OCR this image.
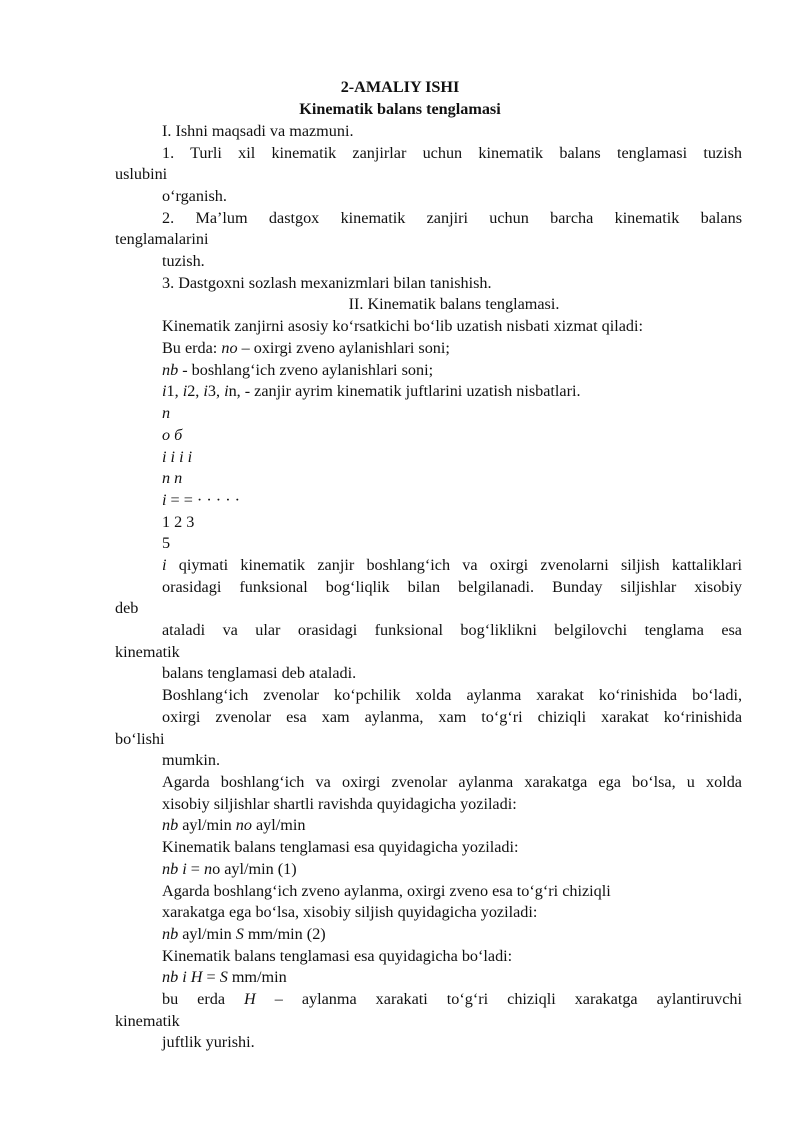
2-AMALIY ISHI
Kinematik balans tenglamasi
I. Ishni maqsadi va mazmuni.
1. Turli xil kinematik zanjirlar uchun kinematik balans tenglamasi tuzish
uslubini
o‘rganish.
2. Ma’lum dastgox kinematik zanjiri uchun barcha kinematik balans
tenglamalarini
tuzish.
3. Dastgoxni sozlash mexanizmlari bilan tanishish.
II. Kinematik balans tenglamasi.
Kinematik zanjirni asosiy ko‘rsatkichi bo‘lib uzatish nisbati xizmat qiladi:
Bu erda: no – oxirgi zveno aylanishlari soni;
nb - boshlang‘ich zveno aylanishlari soni;
i1, i2, i3, in, - zanjir ayrim kinematik juftlarini uzatish nisbatlari.
n
o б
i i i i
n n
i = = · · · · ·
1 2 3
5
i qiymati kinematik zanjir boshlang‘ich va oxirgi zvenolarni siljish kattaliklari
orasidagi funksional bog‘liqlik bilan belgilanadi. Bunday siljishlar xisobiy
deb
ataladi va ular orasidagi funksional bog‘liklikni belgilovchi tenglama esa
kinematik
balans tenglamasi deb ataladi.
Boshlang‘ich zvenolar ko‘pchilik xolda aylanma xarakat ko‘rinishida bo‘ladi,
oxirgi zvenolar esa xam aylanma, xam to‘g‘ri chiziqli xarakat ko‘rinishida
bo‘lishi
mumkin.
Agarda boshlang‘ich va oxirgi zvenolar aylanma xarakatga ega bo‘lsa, u xolda
xisobiy siljishlar shartli ravishda quyidagicha yoziladi:
nb ayl/min no ayl/min
Kinematik balans tenglamasi esa quyidagicha yoziladi:
nb i = no ayl/min (1)
Agarda boshlang‘ich zveno aylanma, oxirgi zveno esa to‘g‘ri chiziqli
xarakatga ega bo‘lsa, xisobiy siljish quyidagicha yoziladi:
nb ayl/min S mm/min (2)
Kinematik balans tenglamasi esa quyidagicha bo‘ladi:
nb i H = S mm/min
bu erda H – aylanma xarakati to‘g‘ri chiziqli xarakatga aylantiruvchi
kinematik
juftlik yurishi.
